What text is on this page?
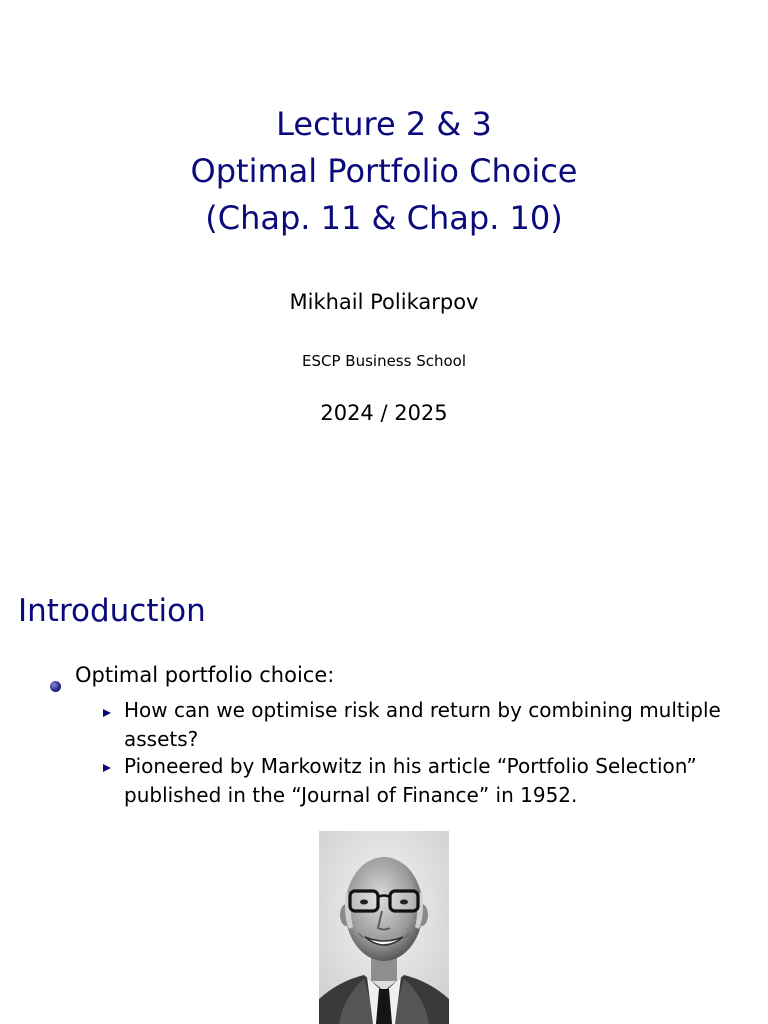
Lecture 2 & 3
Optimal Portfolio Choice
(Chap. 11 & Chap. 10)
Mikhail Polikarpov
ESCP Business School
2024 / 2025
Introduction
Optimal portfolio choice:
How can we optimise risk and return by combining multiple assets?
Pioneered by Markowitz in his article “Portfolio Selection” published in the “Journal of Finance” in 1952.
